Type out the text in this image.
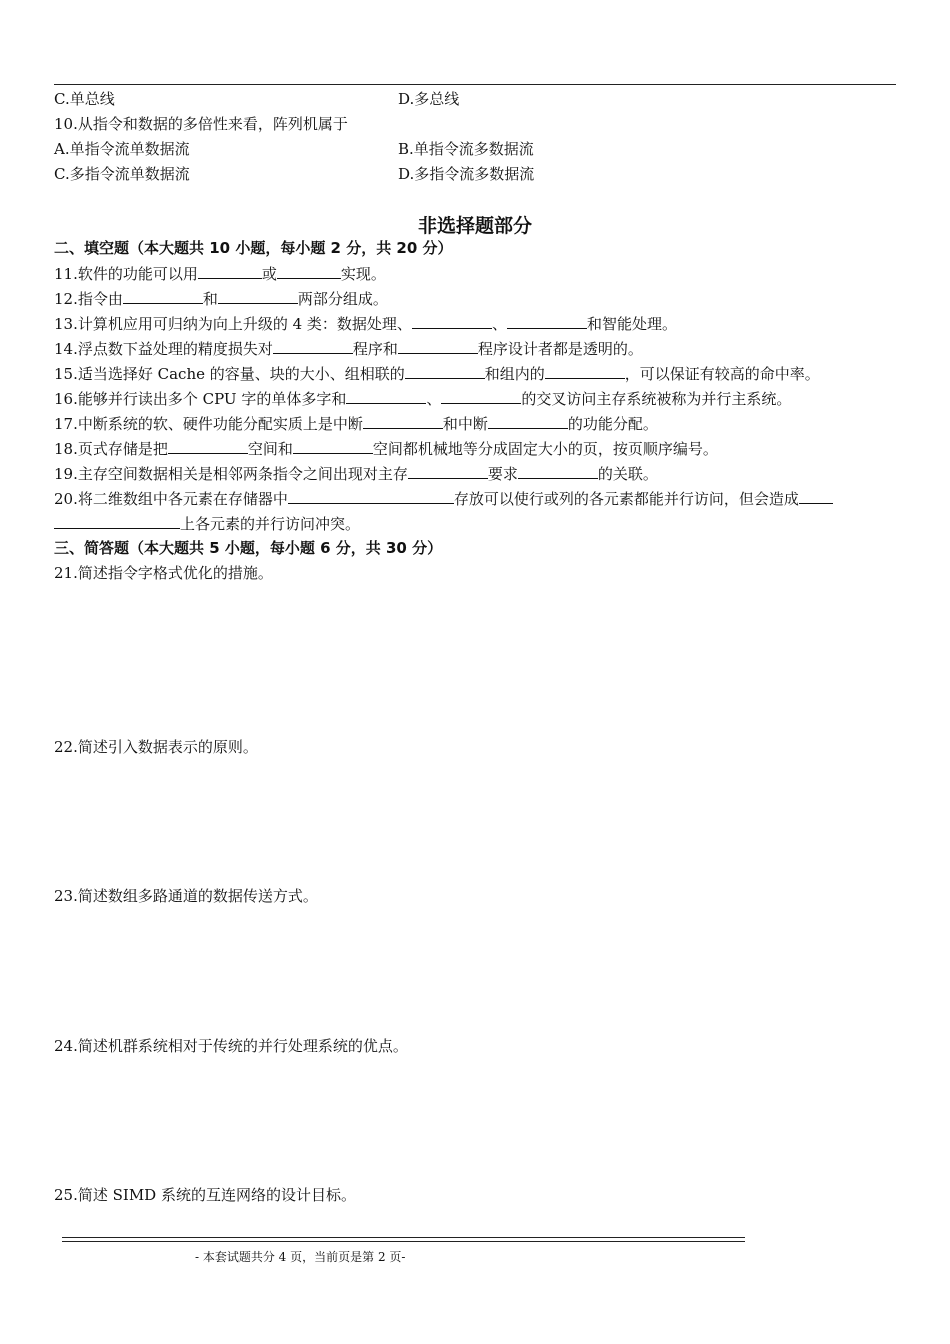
C.单总线	D.多总线
10.从指令和数据的多倍性来看，阵列机属于
A.单指令流单数据流	B.单指令流多数据流
C.多指令流单数据流	D.多指令流多数据流
非选择题部分
二、填空题（本大题共 10 小题，每小题 2 分，共 20 分）
11.软件的功能可以用	或	实现。
12.指令由	和	两部分组成。
13.计算机应用可归纳为向上升级的 4 类：数据处理、	、	和智能处理。
14.浮点数下益处理的精度损失对	程序和	程序设计者都是透明的。
15.适当选择好 Cache 的容量、块的大小、组相联的	和组内的	，可以保证有较高的命中率。
16.能够并行读出多个 CPU 字的单体多字和	、	的交叉访问主存系统被称为并行主系统。
17.中断系统的软、硬件功能分配实质上是中断	和中断	的功能分配。
18.页式存储是把	空间和	空间都机械地等分成固定大小的页，按页顺序编号。
19.主存空间数据相关是相邻两条指令之间出现对主存	要求	的关联。
20.将二维数组中各元素在存储器中	存放可以使行或列的各元素都能并行访问，但会造成
上各元素的并行访问冲突。
三、简答题（本大题共 5 小题，每小题 6 分，共 30 分）
21.简述指令字格式优化的措施。
22.简述引入数据表示的原则。
23.简述数组多路通道的数据传送方式。
24.简述机群系统相对于传统的并行处理系统的优点。
25.简述 SIMD 系统的互连网络的设计目标。
- 本套试题共分 4 页，当前页是第 2 页-
